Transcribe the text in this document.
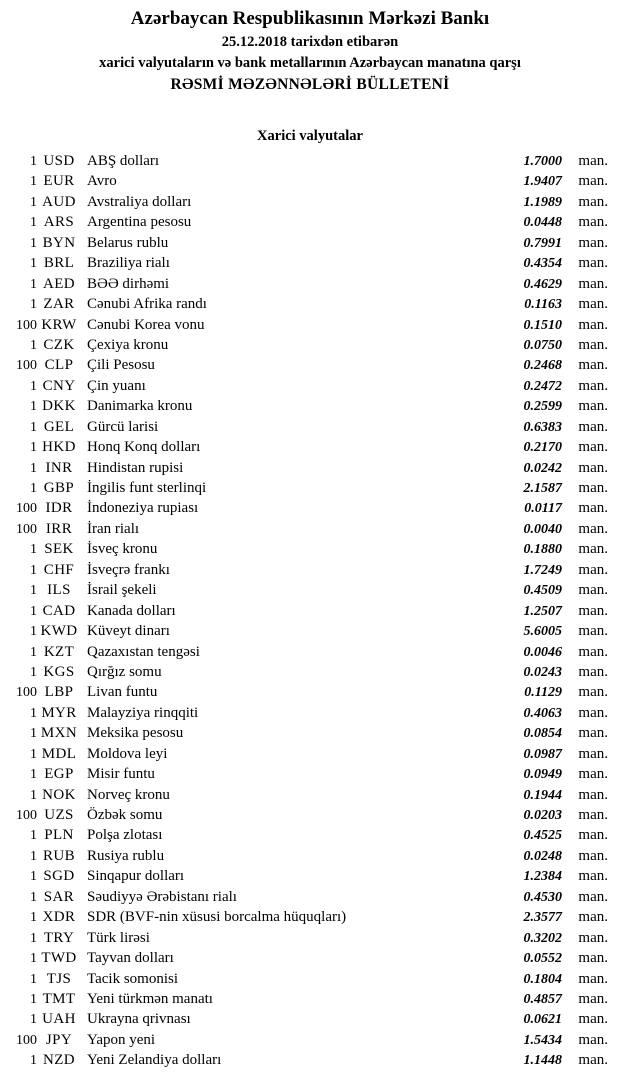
Azərbaycan Respublikasının Mərkəzi Bankı
25.12.2018 tarixdən etibarən
xarici valyutaların və bank metallarının Azərbaycan manatına qarşı
RƏSMİ MƏZƏNNƏLƏRİ BÜLLETENİ
Xarici valyutalar
1 USD ABŞ dolları	1.7000	man.
1 EUR Avro	1.9407	man.
1 AUD Avstraliya dolları	1.1989	man.
1 ARS Argentina pesosu	0.0448	man.
1 BYN Belarus rublu	0.7991	man.
1 BRL Braziliya rialı	0.4354	man.
1 AED BƏƏ dirhəmi	0.4629	man.
1 ZAR Cənubi Afrika randı	0.1163	man.
100 KRW Cənubi Korea vonu	0.1510	man.
1 CZK Çexiya kronu	0.0750	man.
100 CLP Çili Pesosu	0.2468	man.
1 CNY Çin yuanı	0.2472	man.
1 DKK Danimarka kronu	0.2599	man.
1 GEL Gürcü larisi	0.6383	man.
1 HKD Honq Konq dolları	0.2170	man.
1 INR Hindistan rupisi	0.0242	man.
1 GBP İngilis funt sterlinqi	2.1587	man.
100 IDR İndoneziya rupiası	0.0117	man.
100 IRR İran rialı	0.0040	man.
1 SEK İsveç kronu	0.1880	man.
1 CHF İsveçrə frankı	1.7249	man.
1 ILS	İsrail şekeli	0.4509	man.
1 CAD Kanada dolları	1.2507	man.
1 KWD Küveyt dinarı	5.6005	man.
1 KZT Qazaxıstan tengəsi	0.0046	man.
1 KGS Qırğız somu	0.0243	man.
100 LBP Livan funtu	0.1129	man.
1 MYR Malayziya rinqqiti	0.4063	man.
1 MXN Meksika pesosu	0.0854	man.
1 MDL Moldova leyi	0.0987	man.
1 EGP Misir funtu	0.0949	man.
1 NOK Norveç kronu	0.1944	man.
100 UZS Özbək somu	0.0203	man.
1 PLN Polşa zlotası	0.4525	man.
1 RUB Rusiya rublu	0.0248	man.
1 SGD Sinqapur dolları	1.2384	man.
1 SAR Səudiyyə Ərəbistanı rialı	0.4530	man.
1 XDR SDR (BVF-nin xüsusi borcalma hüquqları)	2.3577	man.
1 TRY Türk lirəsi	0.3202	man.
1 TWD Tayvan dolları	0.0552	man.
1 TJS	Tacik somonisi	0.1804	man.
1 TMT Yeni türkmən manatı	0.4857	man.
1 UAH Ukrayna qrivnası	0.0621	man.
100 JPY Yapon yeni	1.5434	man.
1 NZD Yeni Zelandiya dolları	1.1448	man.
